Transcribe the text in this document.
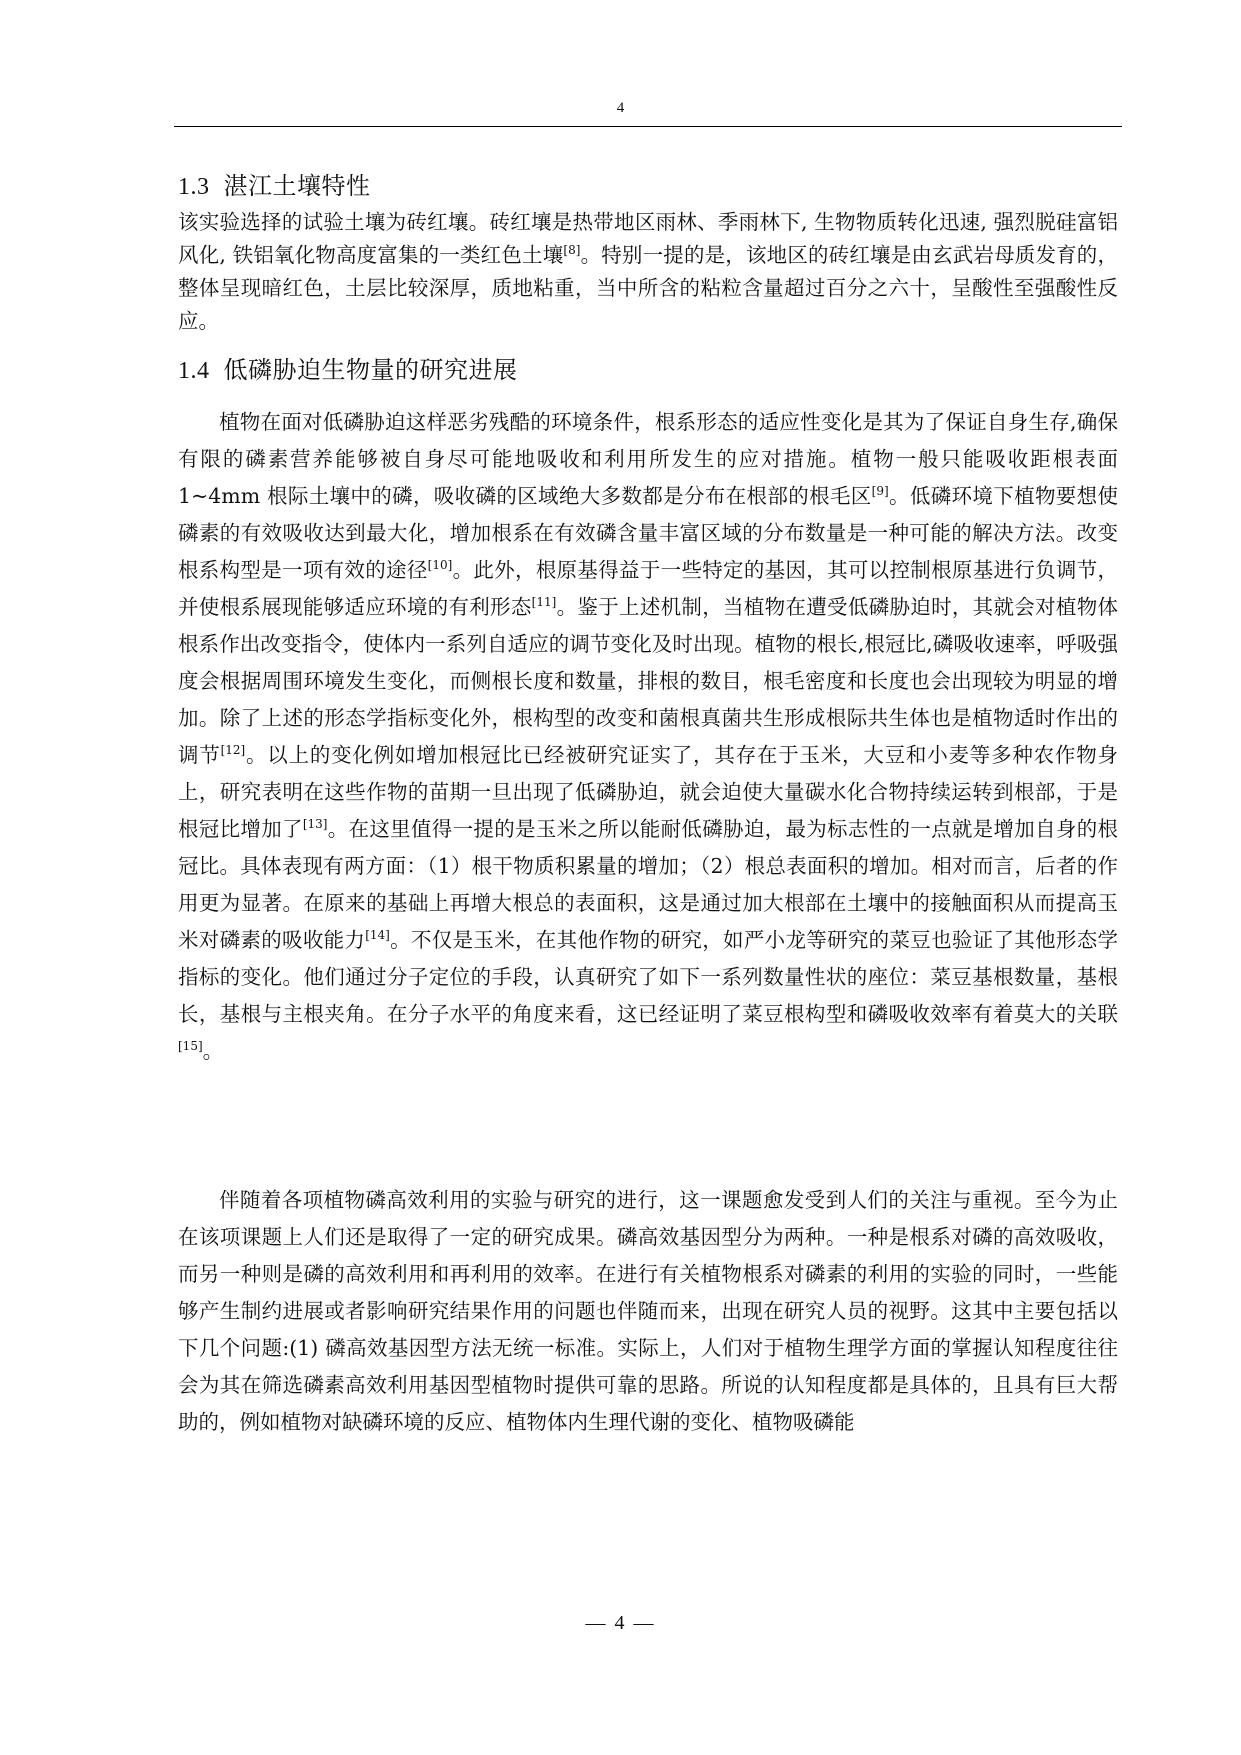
4
1.3 湛江土壤特性
该实验选择的试验土壤为砖红壤。砖红壤是热带地区雨林、季雨林下, 生物物质转化迅速, 强烈脱硅富铝风化, 铁铝氧化物高度富集的一类红色土壤[8]。特别一提的是，该地区的砖红壤是由玄武岩母质发育的，整体呈现暗红色，土层比较深厚，质地粘重，当中所含的粘粒含量超过百分之六十，呈酸性至强酸性反应。
1.4 低磷胁迫生物量的研究进展
植物在面对低磷胁迫这样恶劣残酷的环境条件，根系形态的适应性变化是其为了保证自身生存,确保有限的磷素营养能够被自身尽可能地吸收和利用所发生的应对措施。植物一般只能吸收距根表面 1~4mm 根际土壤中的磷，吸收磷的区域绝大多数都是分布在根部的根毛区[9]。低磷环境下植物要想使磷素的有效吸收达到最大化，增加根系在有效磷含量丰富区域的分布数量是一种可能的解决方法。改变根系构型是一项有效的途径[10]。此外，根原基得益于一些特定的基因，其可以控制根原基进行负调节，并使根系展现能够适应环境的有利形态[11]。鉴于上述机制，当植物在遭受低磷胁迫时，其就会对植物体根系作出改变指令，使体内一系列自适应的调节变化及时出现。植物的根长,根冠比,磷吸收速率，呼吸强度会根据周围环境发生变化，而侧根长度和数量，排根的数目，根毛密度和长度也会出现较为明显的增加。除了上述的形态学指标变化外，根构型的改变和菌根真菌共生形成根际共生体也是植物适时作出的调节[12]。以上的变化例如增加根冠比已经被研究证实了，其存在于玉米，大豆和小麦等多种农作物身上，研究表明在这些作物的苗期一旦出现了低磷胁迫，就会迫使大量碳水化合物持续运转到根部，于是根冠比增加了[13]。在这里值得一提的是玉米之所以能耐低磷胁迫，最为标志性的一点就是增加自身的根冠比。具体表现有两方面：（1）根干物质积累量的增加；（2）根总表面积的增加。相对而言，后者的作用更为显著。在原来的基础上再增大根总的表面积，这是通过加大根部在土壤中的接触面积从而提高玉米对磷素的吸收能力[14]。不仅是玉米，在其他作物的研究，如严小龙等研究的菜豆也验证了其他形态学指标的变化。他们通过分子定位的手段，认真研究了如下一系列数量性状的座位：菜豆基根数量，基根长，基根与主根夹角。在分子水平的角度来看，这已经证明了菜豆根构型和磷吸收效率有着莫大的关联[15]。
伴随着各项植物磷高效利用的实验与研究的进行，这一课题愈发受到人们的关注与重视。至今为止在该项课题上人们还是取得了一定的研究成果。磷高效基因型分为两种。一种是根系对磷的高效吸收，而另一种则是磷的高效利用和再利用的效率。在进行有关植物根系对磷素的利用的实验的同时，一些能够产生制约进展或者影响研究结果作用的问题也伴随而来，出现在研究人员的视野。这其中主要包括以下几个问题:(1) 磷高效基因型方法无统一标准。实际上，人们对于植物生理学方面的掌握认知程度往往会为其在筛选磷素高效利用基因型植物时提供可靠的思路。所说的认知程度都是具体的，且具有巨大帮助的，例如植物对缺磷环境的反应、植物体内生理代谢的变化、植物吸磷能
— 4 —
